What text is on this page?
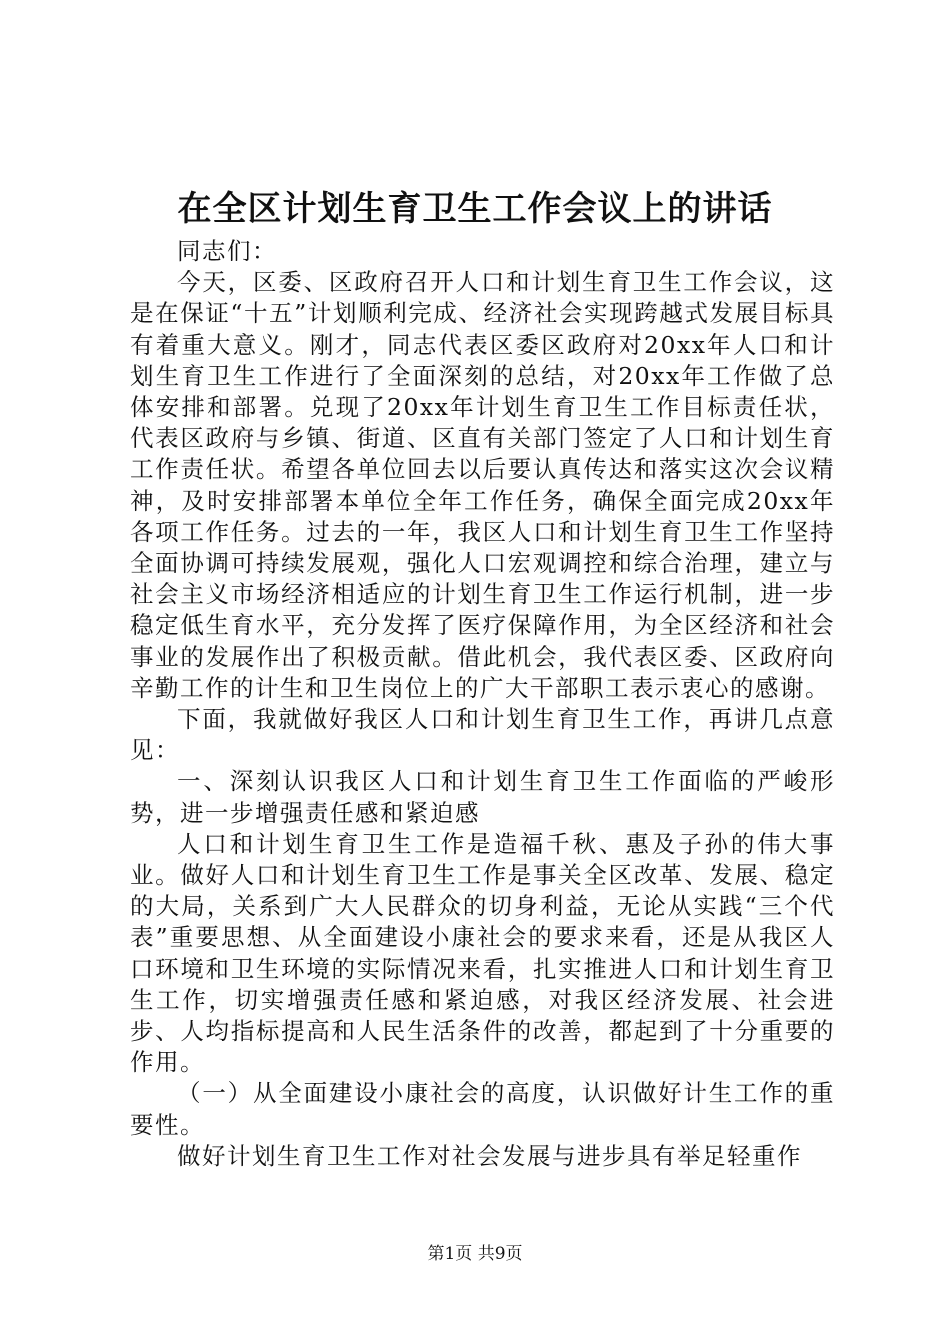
在全区计划生育卫生工作会议上的讲话

同志们：

今天，区委、区政府召开人口和计划生育卫生工作会议，这是在保证“十五”计划顺利完成、经济社会实现跨越式发展目标具有着重大意义。刚才，同志代表区委区政府对20xx年人口和计划生育卫生工作进行了全面深刻的总结，对20xx年工作做了总体安排和部署。兑现了20xx年计划生育卫生工作目标责任状，代表区政府与乡镇、街道、区直有关部门签定了人口和计划生育工作责任状。希望各单位回去以后要认真传达和落实这次会议精神，及时安排部署本单位全年工作任务，确保全面完成20xx年各项工作任务。过去的一年，我区人口和计划生育卫生工作坚持全面协调可持续发展观，强化人口宏观调控和综合治理，建立与社会主义市场经济相适应的计划生育卫生工作运行机制，进一步稳定低生育水平，充分发挥了医疗保障作用，为全区经济和社会事业的发展作出了积极贡献。借此机会，我代表区委、区政府向辛勤工作的计生和卫生岗位上的广大干部职工表示衷心的感谢。

下面，我就做好我区人口和计划生育卫生工作，再讲几点意见：

一、深刻认识我区人口和计划生育卫生工作面临的严峻形势，进一步增强责任感和紧迫感

人口和计划生育卫生工作是造福千秋、惠及子孙的伟大事业。做好人口和计划生育卫生工作是事关全区改革、发展、稳定的大局，关系到广大人民群众的切身利益，无论从实践“三个代表”重要思想、从全面建设小康社会的要求来看，还是从我区人口环境和卫生环境的实际情况来看，扎实推进人口和计划生育卫生工作，切实增强责任感和紧迫感，对我区经济发展、社会进步、人均指标提高和人民生活条件的改善，都起到了十分重要的作用。

（一）从全面建设小康社会的高度，认识做好计生工作的重要性。

做好计划生育卫生工作对社会发展与进步具有举足轻重作

第1页 共9页
